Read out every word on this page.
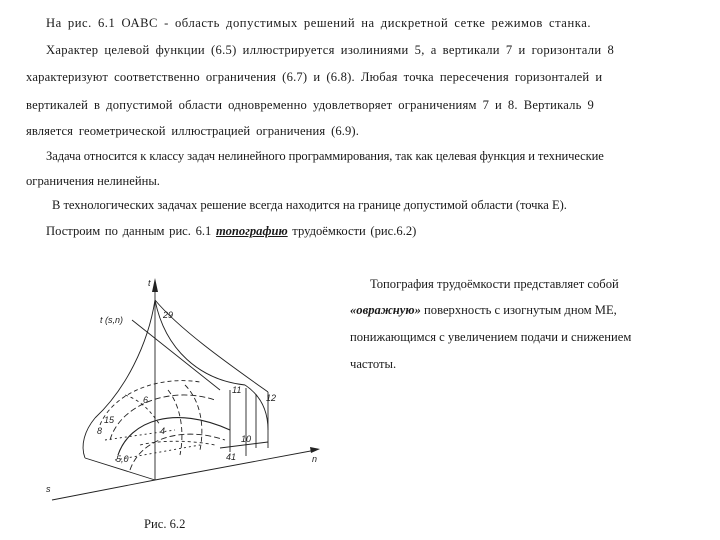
На рис. 6.1 ОАВС - область допустимых решений на дискретной сетке режимов станка.
Характер целевой функции (6.5) иллюстрируется изолиниями 5, а вертикали 7 и горизонтали 8
характеризуют соответственно ограничения (6.7) и (6.8). Любая точка пересечения горизонталей и
вертикалей в допустимой области одновременно удовлетворяет ограничениям 7 и 8. Вертикаль 9
является геометрической иллюстрацией ограничения (6.9).
Задача относится к классу задач нелинейного программирования, так как целевая функция и технические
ограничения нелинейны.
В технологических задачах решение всегда находится на границе допустимой области (точка Е).
Построим по данным рис. 6.1 топографию трудоёмкости (рис.6.2)
Топография трудоёмкости представляет собой
«овражную» поверхность с изогнутым дном МЕ,
понижающимся с увеличением подачи и снижением
частоты.
t
n
s
t (s,n)	29
11
12
10
41
15
8
5,0
6
4
Рис. 6.2
